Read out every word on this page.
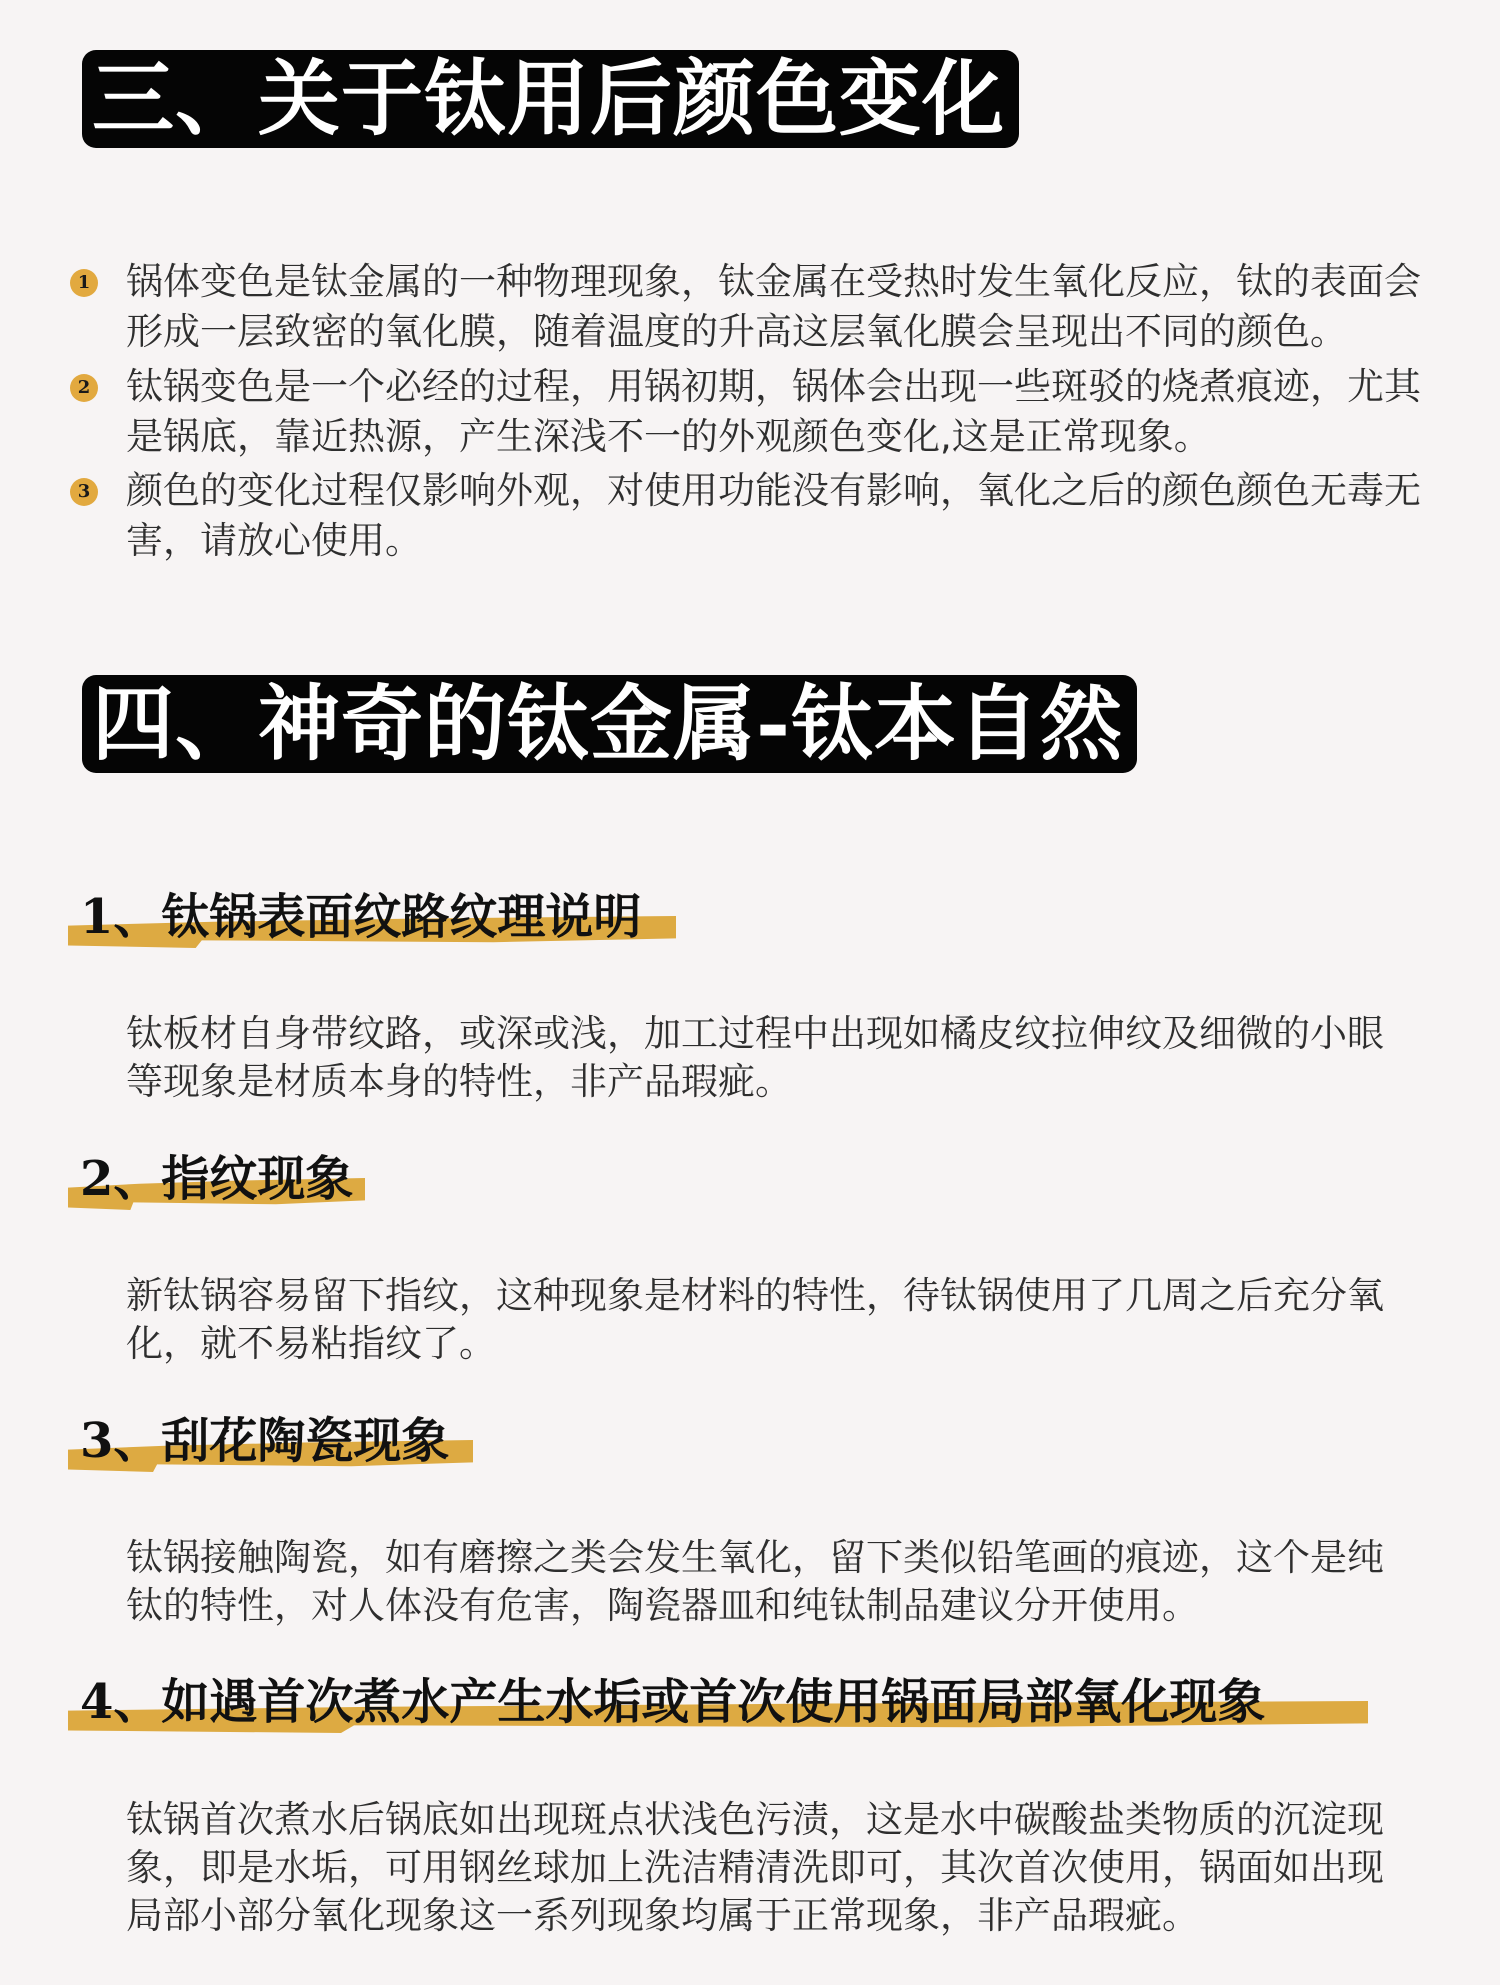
三、关于钛用后颜色变化
1 锅体变色是钛金属的一种物理现象，钛金属在受热时发生氧化反应，钛的表面会形成一层致密的氧化膜，随着温度的升高这层氧化膜会呈现出不同的颜色。
2 钛锅变色是一个必经的过程，用锅初期，锅体会出现一些斑驳的烧煮痕迹，尤其是锅底，靠近热源，产生深浅不一的外观颜色变化,这是正常现象。
3 颜色的变化过程仅影响外观，对使用功能没有影响，氧化之后的颜色颜色无毒无害，请放心使用。
四、神奇的钛金属-钛本自然
1、钛锅表面纹路纹理说明
钛板材自身带纹路，或深或浅，加工过程中出现如橘皮纹拉伸纹及细微的小眼等现象是材质本身的特性，非产品瑕疵。
2、指纹现象
新钛锅容易留下指纹，这种现象是材料的特性，待钛锅使用了几周之后充分氧化，就不易粘指纹了。
3、刮花陶瓷现象
钛锅接触陶瓷，如有磨擦之类会发生氧化，留下类似铅笔画的痕迹，这个是纯钛的特性，对人体没有危害，陶瓷器皿和纯钛制品建议分开使用。
4、如遇首次煮水产生水垢或首次使用锅面局部氧化现象
钛锅首次煮水后锅底如出现斑点状浅色污渍，这是水中碳酸盐类物质的沉淀现象，即是水垢，可用钢丝球加上洗洁精清洗即可，其次首次使用，锅面如出现局部小部分氧化现象这一系列现象均属于正常现象，非产品瑕疵。
